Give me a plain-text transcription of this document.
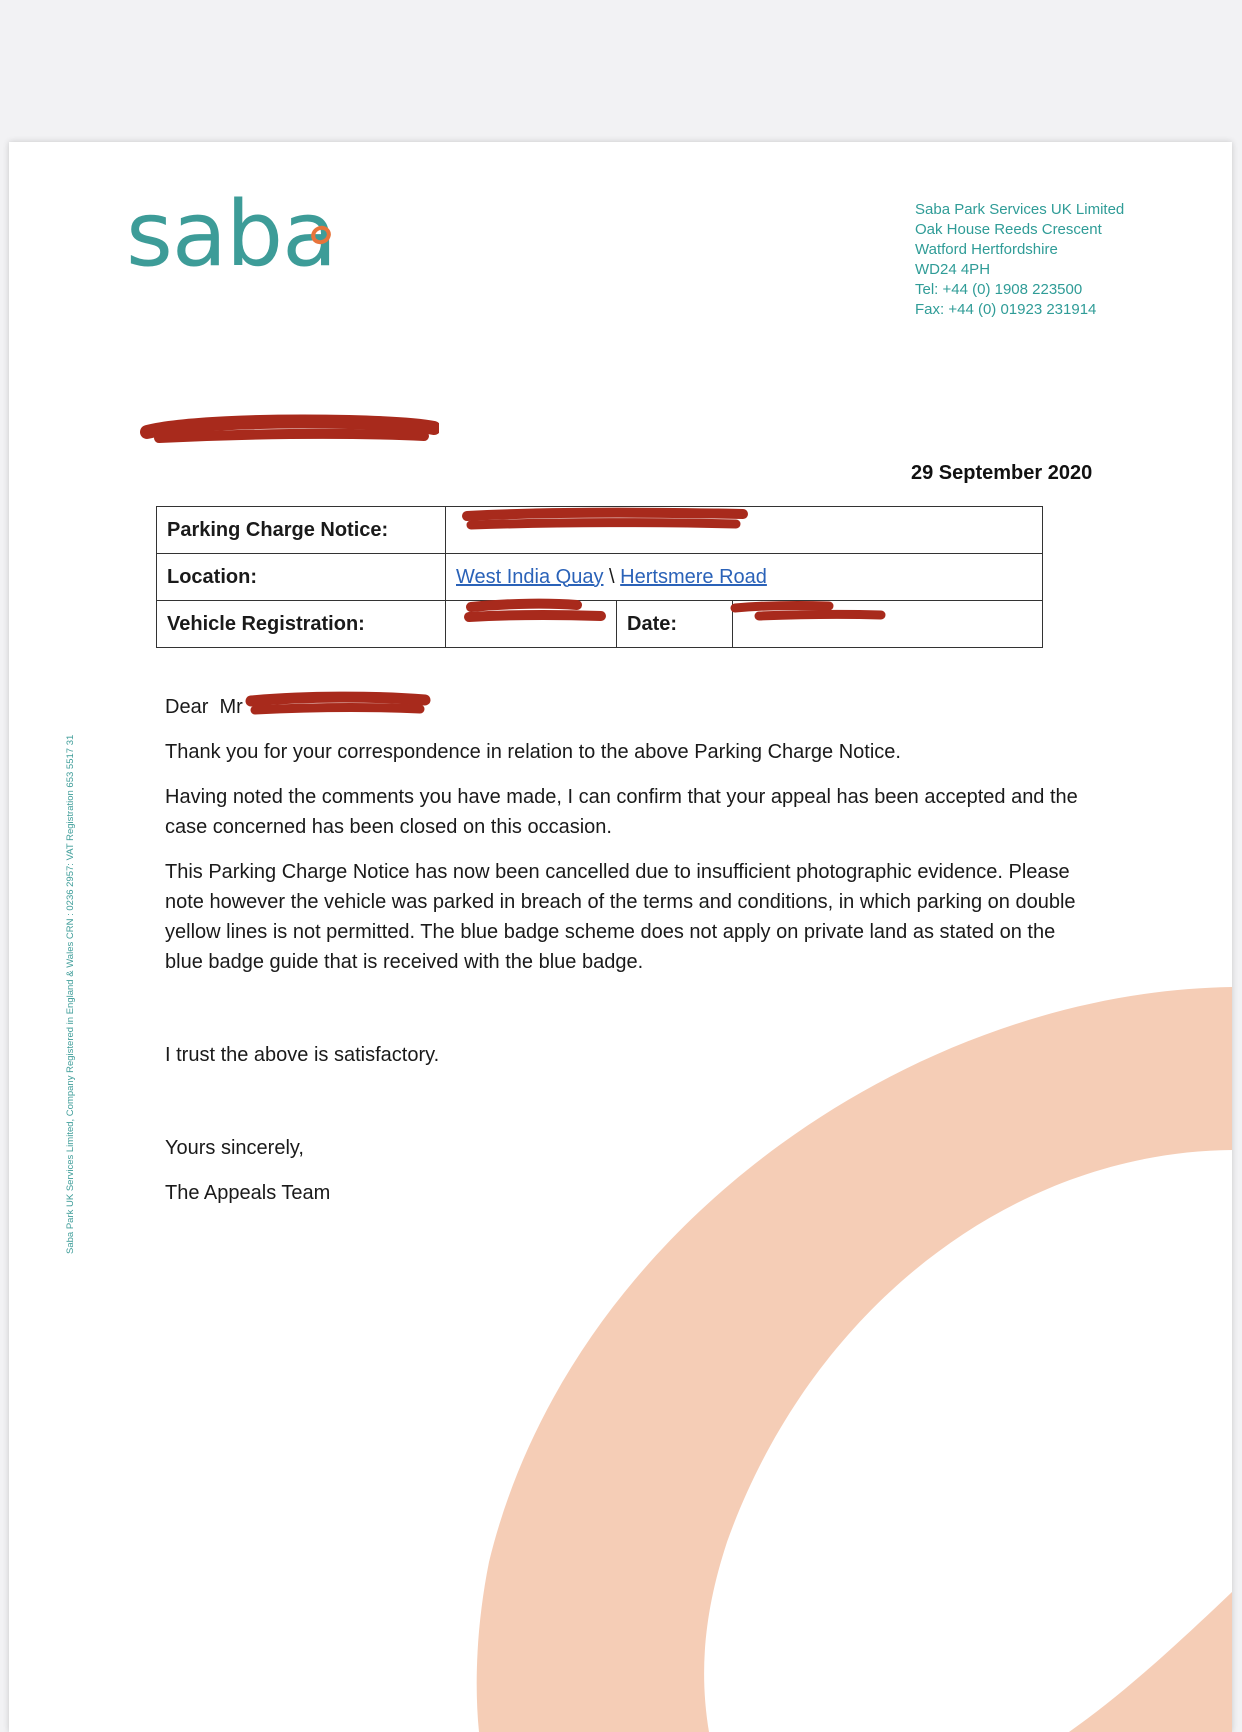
saba	Saba Park Services UK Limited
Oak House Reeds Crescent
Watford Hertfordshire
WD24 4PH
Tel: +44 (0) 1908 223500
Fax: +44 (0) 01923 231914
29 September 2020
Parking Charge Notice:			
Location:	West India Quay \ Hertsmere Road		
Vehicle Registration:		Date:	

Dear Mr

Thank you for your correspondence in relation to the above Parking Charge Notice.

Having noted the comments you have made, I can confirm that your appeal has been accepted and the case concerned has been closed on this occasion.

This Parking Charge Notice has now been cancelled due to insufficient photographic evidence. Please note however the vehicle was parked in breach of the terms and conditions, in which parking on double yellow lines is not permitted. The blue badge scheme does not apply on private land as stated on the blue badge guide that is received with the blue badge.

I trust the above is satisfactory.

Yours sincerely,

The Appeals Team

Saba Park UK Services Limited, Company Registered in England & Wales CRN : 0236 2957: VAT Registration 653 5517 31
